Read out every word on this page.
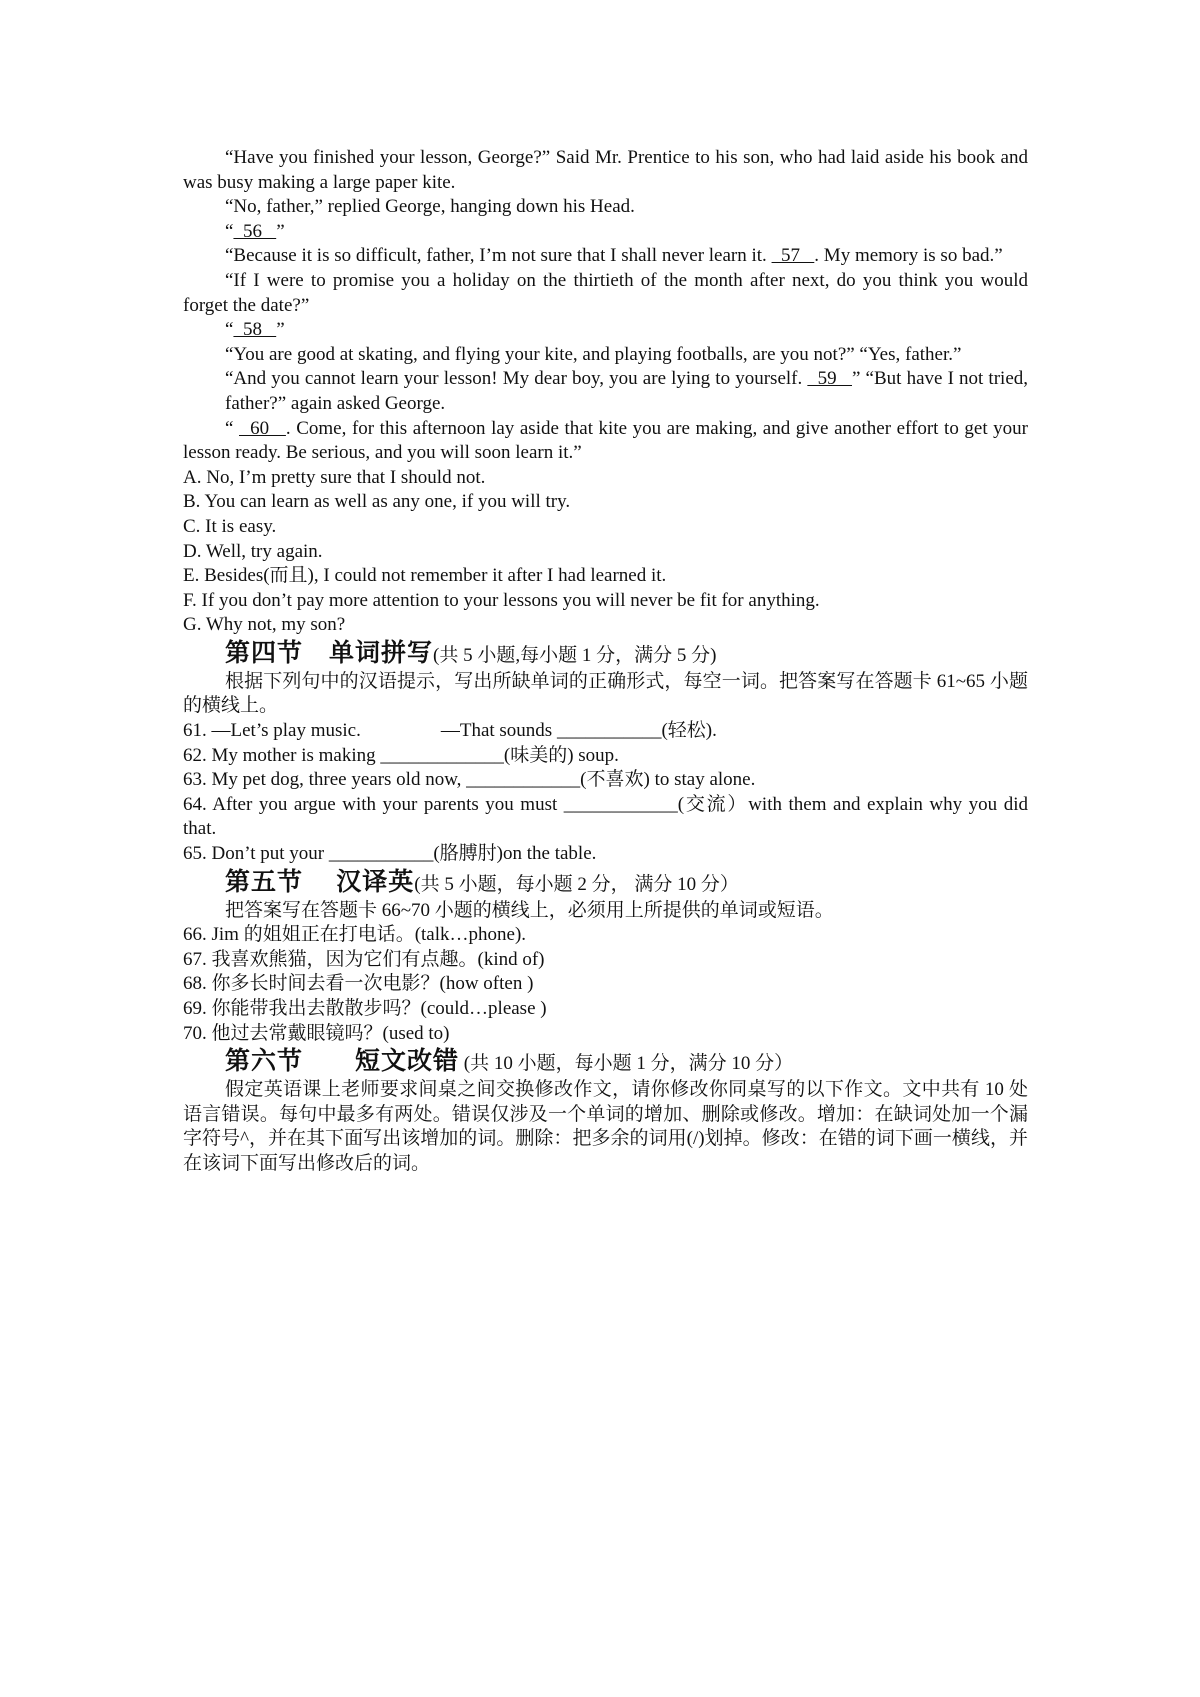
“Have you finished your lesson, George?” Said Mr. Prentice to his son, who had laid aside his book and was busy making a large paper kite.

“No, father,” replied George, hanging down his Head.

“  56   ”

“Because it is so difficult, father, I’m not sure that I shall never learn it.   57   . My memory is so bad.”

“If I were to promise you a holiday on the thirtieth of the month after next, do you think you would forget the date?”

“  58   ”

“You are good at skating, and flying your kite, and playing footballs, are you not?” “Yes, father.”

“And you cannot learn your lesson! My dear boy, you are lying to yourself.   59   ” “But have I not tried, father?” again asked George.

“   60   . Come, for this afternoon lay aside that kite you are making, and give another effort to get your lesson ready. Be serious, and you will soon learn it.”

A. No, I’m pretty sure that I should not.

B. You can learn as well as any one, if you will try.

C. It is easy.

D. Well, try again.

E. Besides(而且), I could not remember it after I had learned it.

F. If you don’t pay more attention to your lessons you will never be fit for anything.

G. Why not, my son?

第四节　单词拼写(共 5 小题,每小题 1 分，满分 5 分)

根据下列句中的汉语提示，写出所缺单词的正确形式，每空一词。把答案写在答题卡 61~65 小题的横线上。

61. —Let’s play music.	—That sounds ___________(轻松).

62. My mother is making _____________(味美的) soup.

63. My pet dog, three years old now, ____________(不喜欢) to stay alone.

64. After you argue with your parents you must ____________(交流）with them and explain why you did that.

65. Don’t put your ___________(胳膊肘)on the table.

第五节　 汉译英(共 5 小题，每小题 2 分， 满分 10 分）

把答案写在答题卡 66~70 小题的横线上，必须用上所提供的单词或短语。

66. Jim 的姐姐正在打电话。(talk…phone).

67. 我喜欢熊猫，因为它们有点趣。(kind of)

68. 你多长时间去看一次电影？(how often )

69. 你能带我出去散散步吗？(could…please )

70. 他过去常戴眼镜吗？(used to)

第六节　　短文改错 (共 10 小题，每小题 1 分，满分 10 分）

假定英语课上老师要求间桌之间交换修改作文，请你修改你同桌写的以下作文。文中共有 10 处语言错误。每句中最多有两处。错误仅涉及一个单词的增加、删除或修改。增加：在缺词处加一个漏字符号^，并在其下面写出该增加的词。删除：把多余的词用(/)划掉。修改：在错的词下画一横线，并在该词下面写出修改后的词。
